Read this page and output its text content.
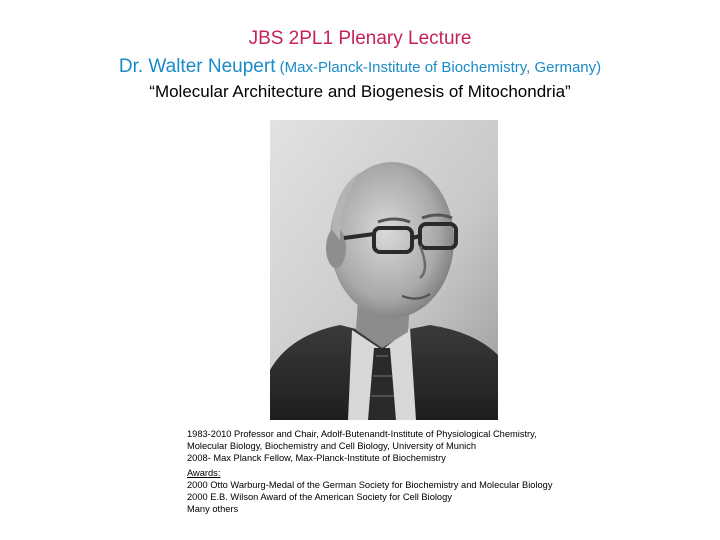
JBS 2PL1 Plenary Lecture
Dr. Walter Neupert (Max-Planck-Institute of Biochemistry, Germany)
“Molecular Architecture and Biogenesis of Mitochondria”
1983-2010 Professor and Chair, Adolf-Butenandt-Institute of Physiological Chemistry,
Molecular Biology, Biochemistry and Cell Biology, University of Munich
2008- Max Planck Fellow, Max-Planck-Institute of Biochemistry
Awards:
2000 Otto Warburg-Medal of the German Society for Biochemistry and Molecular Biology
2000 E.B. Wilson Award of the American Society for Cell Biology
Many others
